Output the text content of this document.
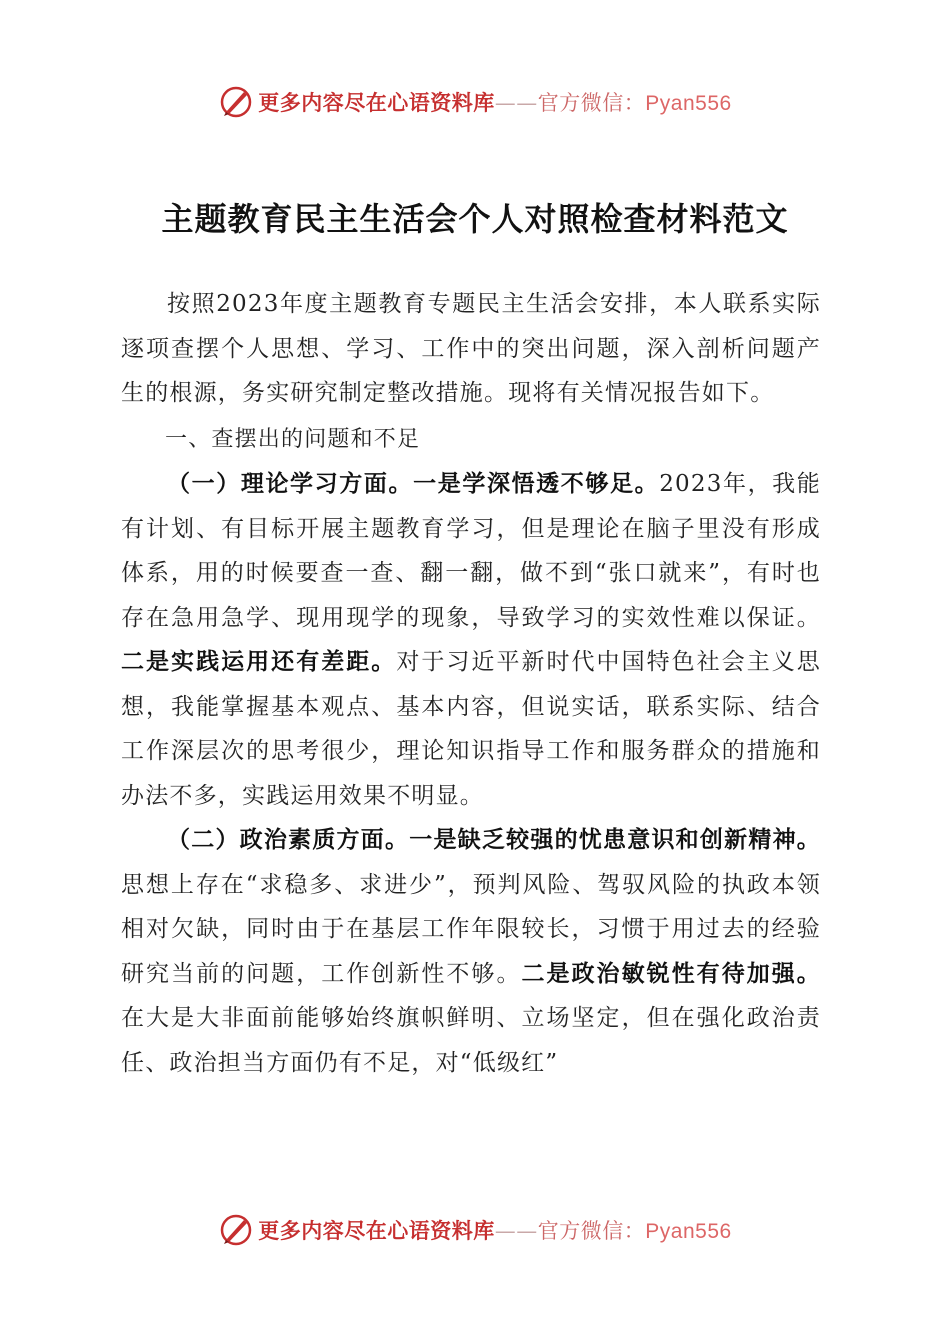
更多内容尽在心语资料库——官方微信：Pyan556
主题教育民主生活会个人对照检查材料范文

按照2023年度主题教育专题民主生活会安排，本人联系实际逐项查摆个人思想、学习、工作中的突出问题，深入剖析问题产生的根源，务实研究制定整改措施。现将有关情况报告如下。

一、查摆出的问题和不足

（一）理论学习方面。一是学深悟透不够足。2023年，我能有计划、有目标开展主题教育学习，但是理论在脑子里没有形成体系，用的时候要查一查、翻一翻，做不到“张口就来”，有时也存在急用急学、现用现学的现象，导致学习的实效性难以保证。二是实践运用还有差距。对于习近平新时代中国特色社会主义思想，我能掌握基本观点、基本内容，但说实话，联系实际、结合工作深层次的思考很少，理论知识指导工作和服务群众的措施和办法不多，实践运用效果不明显。

（二）政治素质方面。一是缺乏较强的忧患意识和创新精神。思想上存在“求稳多、求进少”，预判风险、驾驭风险的执政本领相对欠缺，同时由于在基层工作年限较长，习惯于用过去的经验研究当前的问题，工作创新性不够。二是政治敏锐性有待加强。在大是大非面前能够始终旗帜鲜明、立场坚定，但在强化政治责任、政治担当方面仍有不足，对“低级红”

更多内容尽在心语资料库——官方微信：Pyan556
